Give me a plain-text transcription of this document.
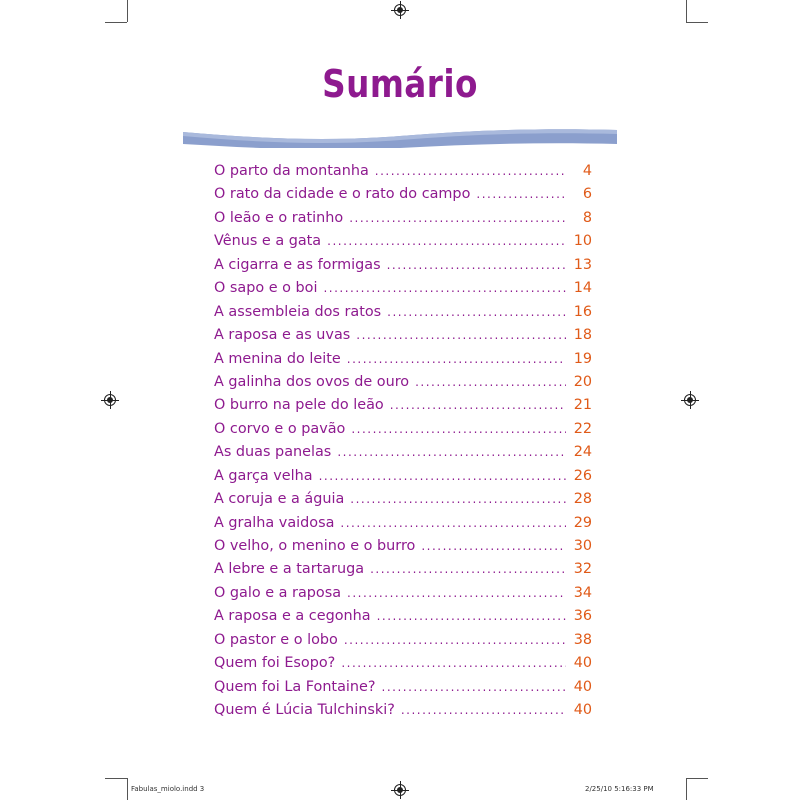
Sumário
O parto da montanha .....	4
O rato da cidade e o rato do campo .....	6
O leão e o ratinho .....	8
Vênus e a gata .....	10
A cigarra e as formigas .....	13
O sapo e o boi .....	14
A assembleia dos ratos .....	16
A raposa e as uvas .....	18
A menina do leite .....	19
A galinha dos ovos de ouro .....	20
O burro na pele do leão .....	21
O corvo e o pavão .....	22
As duas panelas .....	24
A garça velha .....	26
A coruja e a águia .....	28
A gralha vaidosa .....	29
O velho, o menino e o burro .....	30
A lebre e a tartaruga .....	32
O galo e a raposa .....	34
A raposa e a cegonha .....	36
O pastor e o lobo .....	38
Quem foi Esopo? .....	40
Quem foi La Fontaine? .....	40
Quem é Lúcia Tulchinski? .....	40
Fabulas_miolo.indd 3	2/25/10 5:16:33 PM
